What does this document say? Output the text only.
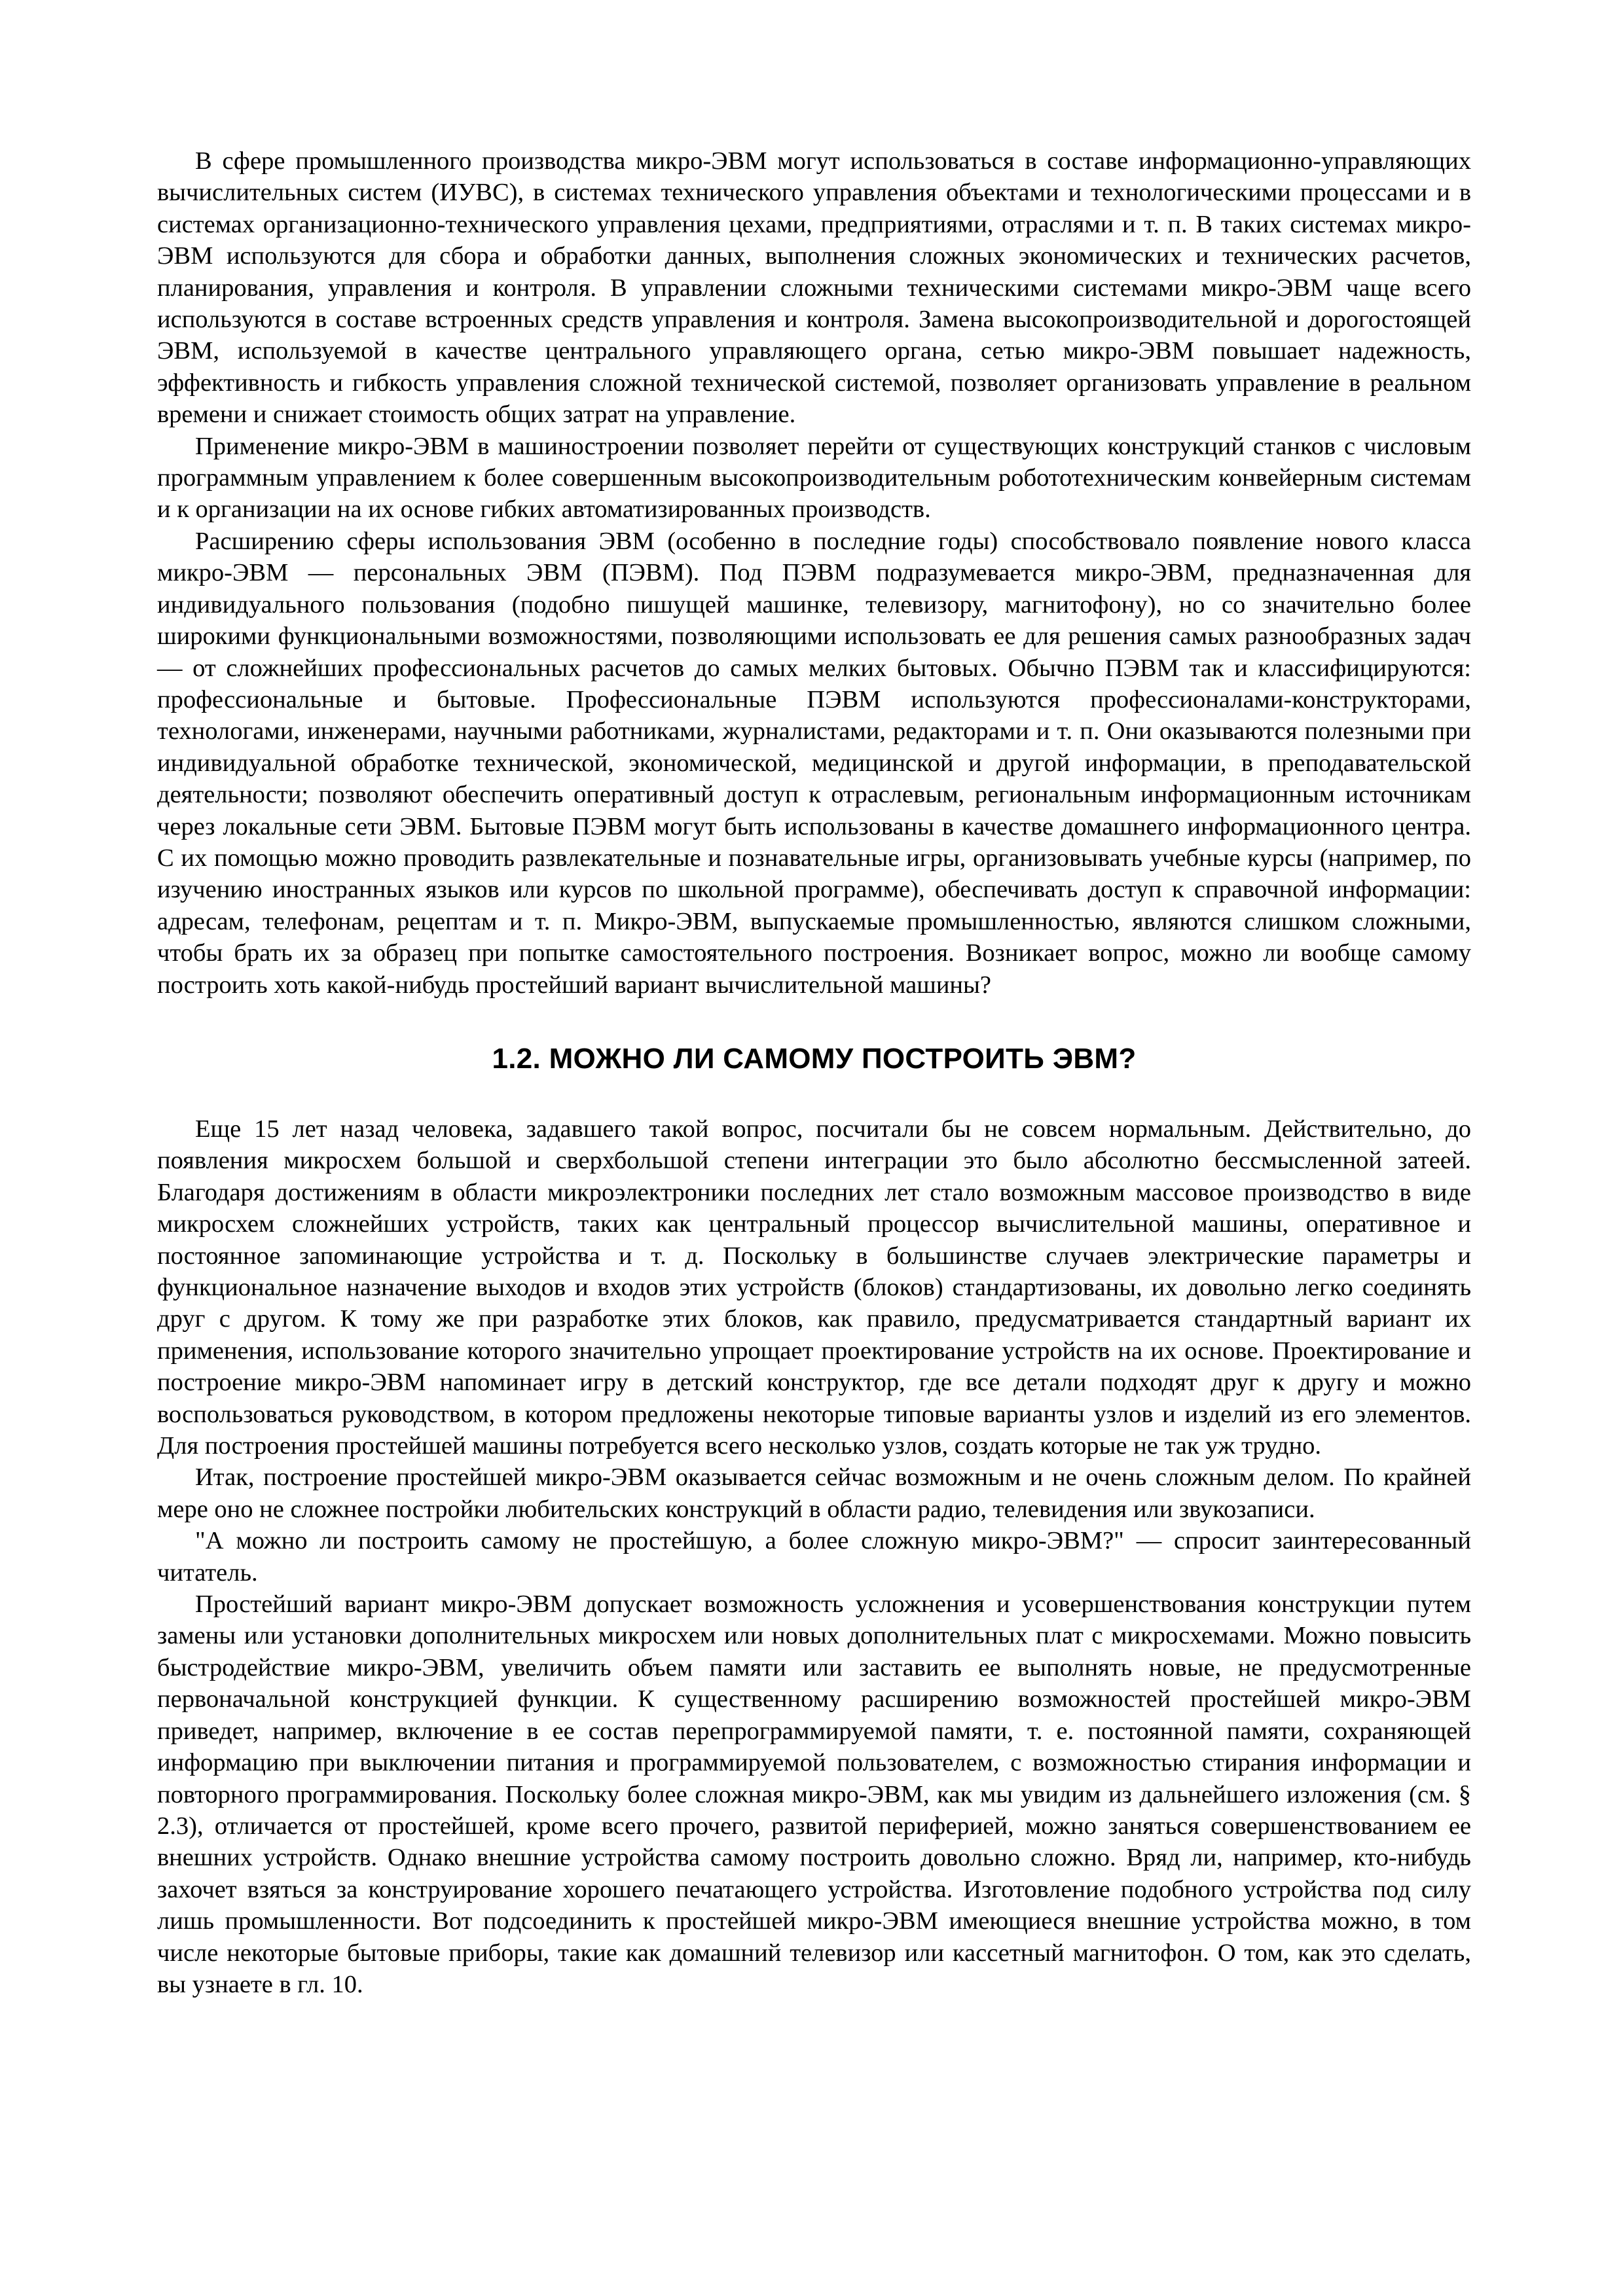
В сфере промышленного производства микро-ЭВМ могут использоваться в составе информационно-управляющих вычислительных систем (ИУВС), в системах технического управления объектами и технологическими процессами и в системах организационно-технического управления цехами, предприятиями, отраслями и т. п. В таких системах микро-ЭВМ используются для сбора и обработки данных, выполнения сложных экономических и технических расчетов, планирования, управления и контроля. В управлении сложными техническими системами микро-ЭВМ чаще всего используются в составе встроенных средств управления и контроля. Замена высокопроизводительной и дорогостоящей ЭВМ, используемой в качестве центрального управляющего органа, сетью микро-ЭВМ повышает надежность, эффективность и гибкость управления сложной технической системой, позволяет организовать управление в реальном времени и снижает стоимость общих затрат на управление.

Применение микро-ЭВМ в машиностроении позволяет перейти от существующих конструкций станков с числовым программным управлением к более совершенным высокопроизводительным робототехническим конвейерным системам и к организации на их основе гибких автоматизированных производств.

Расширению сферы использования ЭВМ (особенно в последние годы) способствовало появление нового класса микро-ЭВМ — персональных ЭВМ (ПЭВМ). Под ПЭВМ подразумевается микро-ЭВМ, предназначенная для индивидуального пользования (подобно пишущей машинке, телевизору, магнитофону), но со значительно более широкими функциональными возможностями, позволяющими использовать ее для решения самых разнообразных задач — от сложнейших профессиональных расчетов до самых мелких бытовых. Обычно ПЭВМ так и классифицируются: профессиональные и бытовые. Профессиональные ПЭВМ используются профессионалами-конструкторами, технологами, инженерами, научными работниками, журналистами, редакторами и т. п. Они оказываются полезными при индивидуальной обработке технической, экономической, медицинской и другой информации, в преподавательской деятельности; позволяют обеспечить оперативный доступ к отраслевым, региональным информационным источникам через локальные сети ЭВМ. Бытовые ПЭВМ могут быть использованы в качестве домашнего информационного центра. С их помощью можно проводить развлекательные и познавательные игры, организовывать учебные курсы (например, по изучению иностранных языков или курсов по школьной программе), обеспечивать доступ к справочной информации: адресам, телефонам, рецептам и т. п. Микро-ЭВМ, выпускаемые промышленностью, являются слишком сложными, чтобы брать их за образец при попытке самостоятельного построения. Возникает вопрос, можно ли вообще самому построить хоть какой-нибудь простейший вариант вычислительной машины?

1.2. МОЖНО ЛИ САМОМУ ПОСТРОИТЬ ЭВМ?

Еще 15 лет назад человека, задавшего такой вопрос, посчитали бы не совсем нормальным. Действительно, до появления микросхем большой и сверхбольшой степени интеграции это было абсолютно бессмысленной затеей. Благодаря достижениям в области микроэлектроники последних лет стало возможным массовое производство в виде микросхем сложнейших устройств, таких как центральный процессор вычислительной машины, оперативное и постоянное запоминающие устройства и т. д. Поскольку в большинстве случаев электрические параметры и функциональное назначение выходов и входов этих устройств (блоков) стандартизованы, их довольно легко соединять друг с другом. К тому же при разработке этих блоков, как правило, предусматривается стандартный вариант их применения, использование которого значительно упрощает проектирование устройств на их основе. Проектирование и построение микро-ЭВМ напоминает игру в детский конструктор, где все детали подходят друг к другу и можно воспользоваться руководством, в котором предложены некоторые типовые варианты узлов и изделий из его элементов. Для построения простейшей машины потребуется всего несколько узлов, создать которые не так уж трудно.

Итак, построение простейшей микро-ЭВМ оказывается сейчас возможным и не очень сложным делом. По крайней мере оно не сложнее постройки любительских конструкций в области радио, телевидения или звукозаписи.

"А можно ли построить самому не простейшую, а более сложную микро-ЭВМ?" — спросит заинтересованный читатель.

Простейший вариант микро-ЭВМ допускает возможность усложнения и усовершенствования конструкции путем замены или установки дополнительных микросхем или новых дополнительных плат с микросхемами. Можно повысить быстродействие микро-ЭВМ, увеличить объем памяти или заставить ее выполнять новые, не предусмотренные первоначальной конструкцией функции. К существенному расширению возможностей простейшей микро-ЭВМ приведет, например, включение в ее состав перепрограммируемой памяти, т. е. постоянной памяти, сохраняющей информацию при выключении питания и программируемой пользователем, с возможностью стирания информации и повторного программирования. Поскольку более сложная микро-ЭВМ, как мы увидим из дальнейшего изложения (см. § 2.3), отличается от простейшей, кроме всего прочего, развитой периферией, можно заняться совершенствованием ее внешних устройств. Однако внешние устройства самому построить довольно сложно. Вряд ли, например, кто-нибудь захочет взяться за конструирование хорошего печатающего устройства. Изготовление подобного устройства под силу лишь промышленности. Вот подсоединить к простейшей микро-ЭВМ имеющиеся внешние устройства можно, в том числе некоторые бытовые приборы, такие как домашний телевизор или кассетный магнитофон. О том, как это сделать, вы узнаете в гл. 10.
